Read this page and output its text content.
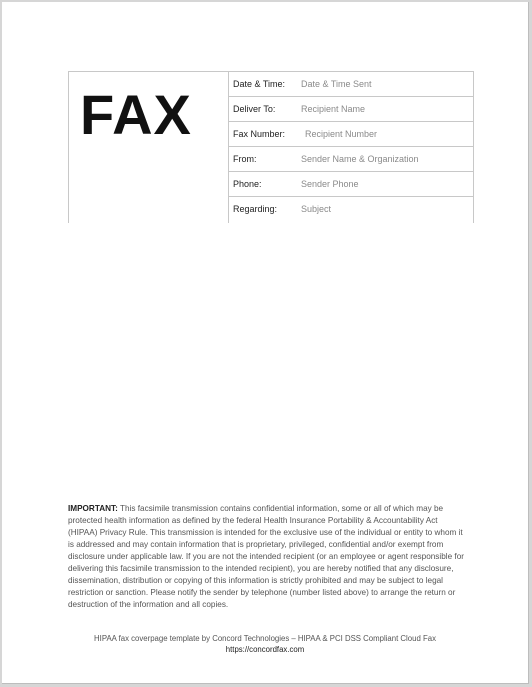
FAX	Date & Time: Date & Time Sent
Deliver To:	Recipient Name
Fax Number: Recipient Number
From:	Sender Name & Organization
Phone:	Sender Phone
Regarding:	Subject
IMPORTANT: This facsimile transmission contains confidential information, some or all of which may be protected health information as defined by the federal Health Insurance Portability & Accountability Act (HIPAA) Privacy Rule. This transmission is intended for the exclusive use of the individual or entity to whom it is addressed and may contain information that is proprietary, privileged, confidential and/or exempt from disclosure under applicable law. If you are not the intended recipient (or an employee or agent responsible for delivering this facsimile transmission to the intended recipient), you are hereby notified that any disclosure, dissemination, distribution or copying of this information is strictly prohibited and may be subject to legal restriction or sanction. Please notify the sender by telephone (number listed above) to arrange the return or destruction of the information and all copies.
HIPAA fax coverpage template by Concord Technologies – HIPAA & PCI DSS Compliant Cloud Fax
https://concordfax.com
